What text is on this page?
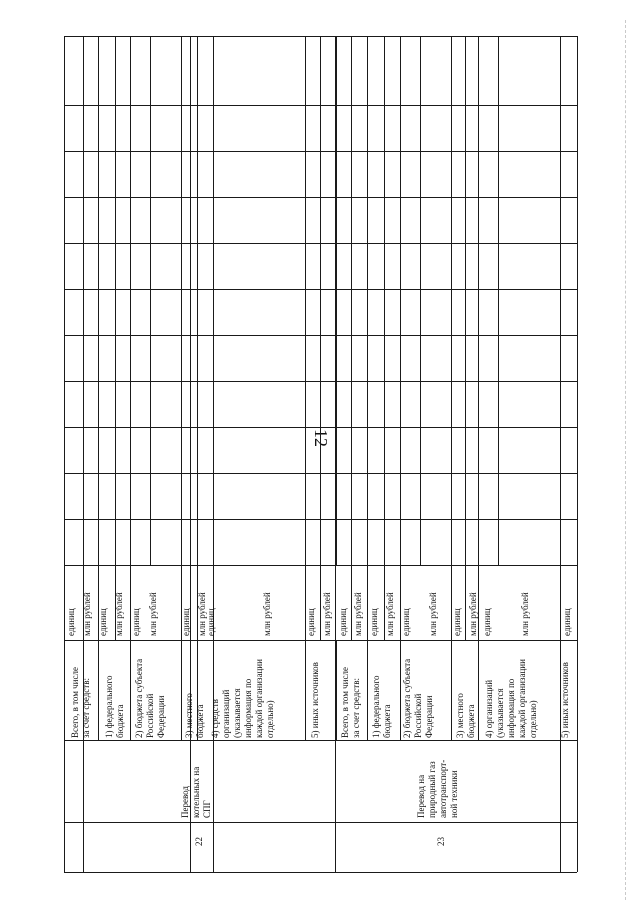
12
22
Перевод
котельных на
СПГ
23
Перевод на
природный газ
автотранспорт-
ной техники
Всего, в том числе
за счет средств:
единиц млн рублей
1) федерального
бюджета
единиц млн рублей
2) бюджета субъекта
Российской
Федерации
единиц млн рублей
3) местного
бюджета
единиц млн рублей
4) средств
организаций
(указывается
информация по
каждой организации
отдельно)
единиц	млн рублей
5) иных источников
единиц млн рублей
Всего, в том числе
за счет средств:
единиц млн рублей
1) федерального
бюджета
единиц млн рублей
2) бюджета субъекта
Российской
Федерации
единиц млн рублей
3) местного
бюджета
единиц млн рублей
4) организаций
(указывается
информация по
каждой организации
отдельно)
единиц	млн рублей
5) иных источников
единиц
